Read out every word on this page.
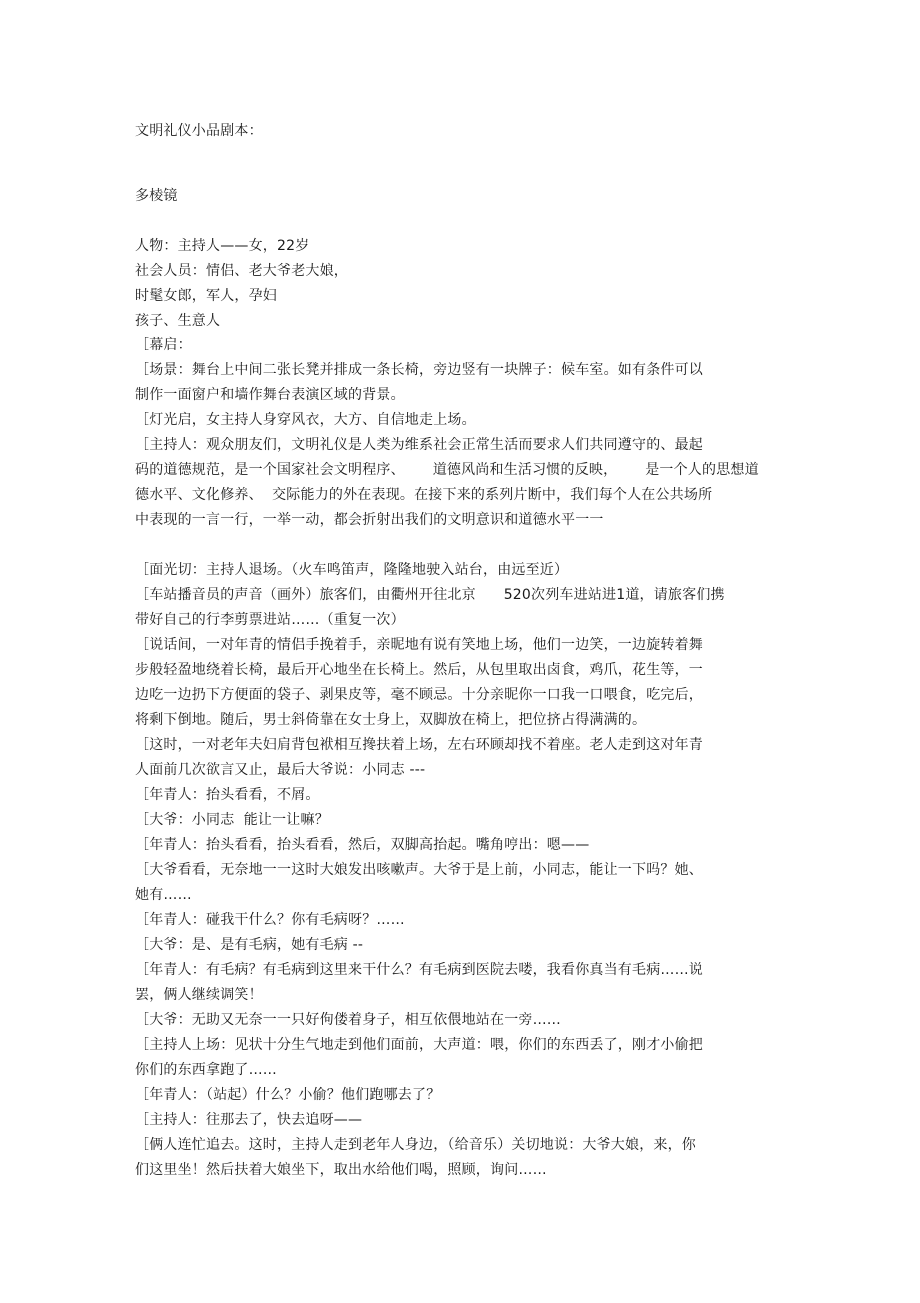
文明礼仪小品剧本：
多棱镜
人物：主持人——女，22岁
社会人员：情侣、老大爷老大娘，
时髦女郎，军人，孕妇
孩子、生意人
［幕启：
［场景：舞台上中间二张长凳并排成一条长椅，旁边竖有一块牌子：候车室。如有条件可以
制作一面窗户和墙作舞台表演区域的背景。
［灯光启，女主持人身穿风衣，大方、自信地走上场。
［主持人：观众朋友们，文明礼仪是人类为维系社会正常生活而要求人们共同遵守的、最起
码的道德规范，是一个国家社会文明程序、      道德风尚和生活习惯的反映，      是一个人的思想道
德水平、文化修养、  交际能力的外在表现。在接下来的系列片断中，我们每个人在公共场所
中表现的一言一行，一举一动，都会折射出我们的文明意识和道德水平一一
［面光切：主持人退场。（火车鸣笛声，隆隆地驶入站台，由远至近）
［车站播音员的声音（画外）旅客们，由衢州开往北京      520次列车进站进1道，请旅客们携
带好自己的行李剪票进站……（重复一次）
［说话间，一对年青的情侣手挽着手，亲昵地有说有笑地上场，他们一边笑，一边旋转着舞
步般轻盈地绕着长椅，最后开心地坐在长椅上。然后，从包里取出卤食，鸡爪，花生等，一
边吃一边扔下方便面的袋子、剥果皮等，毫不顾忌。十分亲昵你一口我一口喂食，吃完后，
将剩下倒地。随后，男士斜倚靠在女士身上，双脚放在椅上，把位挤占得满满的。
［这时，一对老年夫妇肩背包袱相互搀扶着上场，左右环顾却找不着座。老人走到这对年青
人面前几次欲言又止，最后大爷说：小同志 ---
［年青人：抬头看看，不屑。
［大爷：小同志  能让一让嘛？
［年青人：抬头看看，抬头看看，然后，双脚高抬起。嘴角哼出：嗯——
［大爷看看，无奈地一一这时大娘发出咳嗽声。大爷于是上前，小同志，能让一下吗？她、
她有……
［年青人：碰我干什么？你有毛病呀？……
［大爷：是、是有毛病，她有毛病 --
［年青人：有毛病？有毛病到这里来干什么？有毛病到医院去喽，我看你真当有毛病……说
罢，俩人继续调笑！
［大爷：无助又无奈一一只好佝偻着身子，相互依偎地站在一旁……
［主持人上场：见状十分生气地走到他们面前，大声道：喂，你们的东西丢了，刚才小偷把
你们的东西拿跑了……
［年青人：（站起）什么？小偷？他们跑哪去了？
［主持人：往那去了，快去追呀——
［俩人连忙追去。这时，主持人走到老年人身边，（给音乐）关切地说：大爷大娘，来，你
们这里坐！然后扶着大娘坐下，取出水给他们喝，照顾，询问……
